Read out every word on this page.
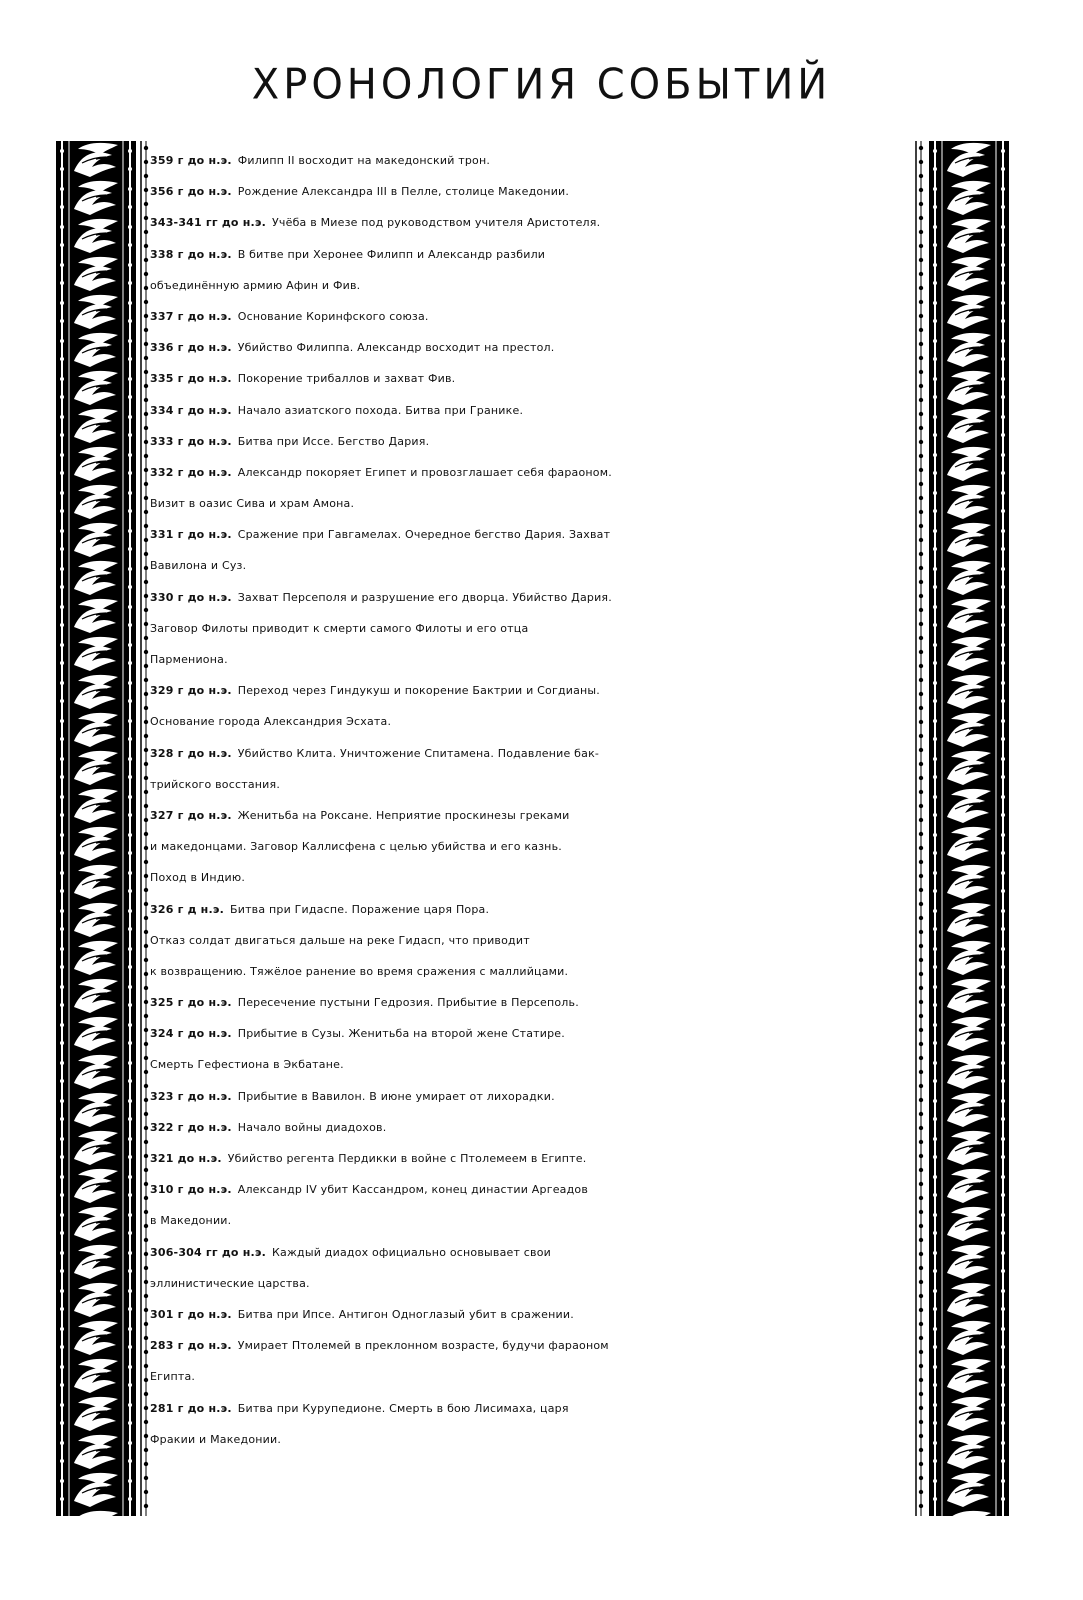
ХРОНОЛОГИЯ СОБЫТИЙ
359 г до н.э. Филипп II восходит на македонский трон.
356 г до н.э. Рождение Александра III в Пелле, столице Македонии.
343-341 гг до н.э. Учёба в Миезе под руководством учителя Аристотеля.
338 г до н.э. В битве при Херонее Филипп и Александр разбили
объединённую армию Афин и Фив.
337 г до н.э. Основание Коринфского союза.
336 г до н.э. Убийство Филиппа. Александр восходит на престол.
335 г до н.э. Покорение трибаллов и захват Фив.
334 г до н.э. Начало азиатского похода. Битва при Гранике.
333 г до н.э. Битва при Иссе. Бегство Дария.
332 г до н.э. Александр покоряет Египет и провозглашает себя фараоном.
Визит в оазис Сива и храм Амона.
331 г до н.э. Сражение при Гавгамелах. Очередное бегство Дария. Захват
Вавилона и Суз.
330 г до н.э. Захват Персеполя и разрушение его дворца. Убийство Дария.
Заговор Филоты приводит к смерти самого Филоты и его отца
Пармениона.
329 г до н.э. Переход через Гиндукуш и покорение Бактрии и Согдианы.
Основание города Александрия Эсхата.
328 г до н.э. Убийство Клита. Уничтожение Спитамена. Подавление бак-
трийского восстания.
327 г до н.э. Женитьба на Роксане. Неприятие проскинезы греками
и македонцами. Заговор Каллисфена с целью убийства и его казнь.
Поход в Индию.
326 г д н.э. Битва при Гидаспе. Поражение царя Пора.
Отказ солдат двигаться дальше на реке Гидасп, что приводит
к возвращению. Тяжёлое ранение во время сражения с маллийцами.
325 г до н.э. Пересечение пустыни Гедрозия. Прибытие в Персеполь.
324 г до н.э. Прибытие в Сузы. Женитьба на второй жене Статире.
Смерть Гефестиона в Экбатане.
323 г до н.э. Прибытие в Вавилон. В июне умирает от лихорадки.
322 г до н.э. Начало войны диадохов.
321 до н.э. Убийство регента Пердикки в войне с Птолемеем в Египте.
310 г до н.э. Александр IV убит Кассандром, конец династии Аргеадов
в Македонии.
306-304 гг до н.э. Каждый диадох официально основывает свои
эллинистические царства.
301 г до н.э. Битва при Ипсе. Антигон Одноглазый убит в сражении.
283 г до н.э. Умирает Птолемей в преклонном возрасте, будучи фараоном
Египта.
281 г до н.э. Битва при Курупедионе. Смерть в бою Лисимаха, царя
Фракии и Македонии.
